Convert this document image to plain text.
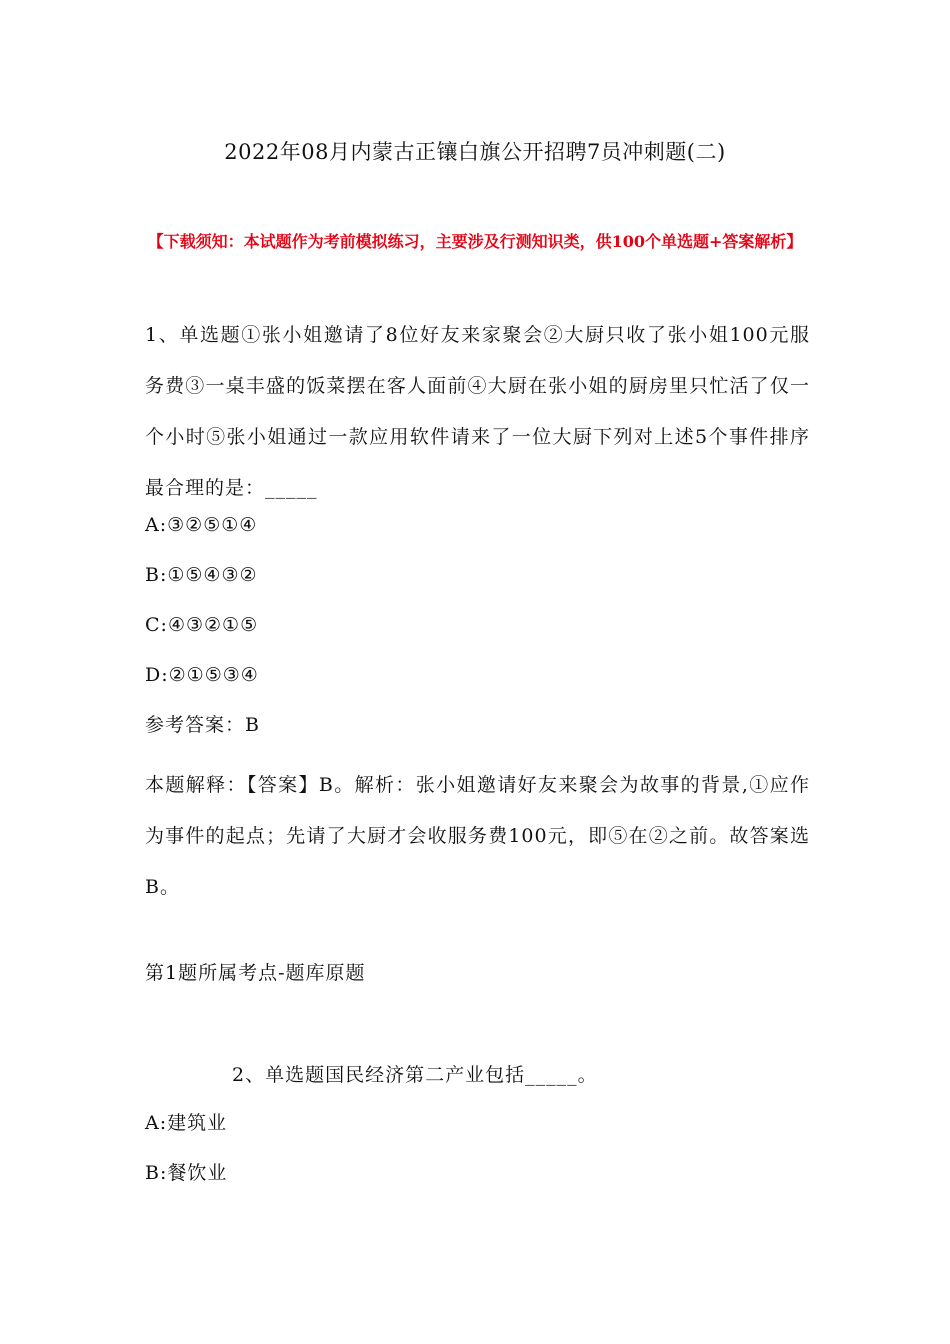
2022年08月内蒙古正镶白旗公开招聘7员冲刺题(二)
【下载须知：本试题作为考前模拟练习，主要涉及行测知识类，供100个单选题+答案解析】
1、单选题①张小姐邀请了8位好友来家聚会②大厨只收了张小姐100元服务费③一桌丰盛的饭菜摆在客人面前④大厨在张小姐的厨房里只忙活了仅一个小时⑤张小姐通过一款应用软件请来了一位大厨下列对上述5个事件排序最合理的是：_____
A:③②⑤①④
B:①⑤④③②
C:④③②①⑤
D:②①⑤③④
参考答案：B
本题解释：【答案】B。解析：张小姐邀请好友来聚会为故事的背景,①应作为事件的起点；先请了大厨才会收服务费100元，即⑤在②之前。故答案选B。
第1题所属考点-题库原题
2、单选题国民经济第二产业包括_____。
A:建筑业
B:餐饮业
